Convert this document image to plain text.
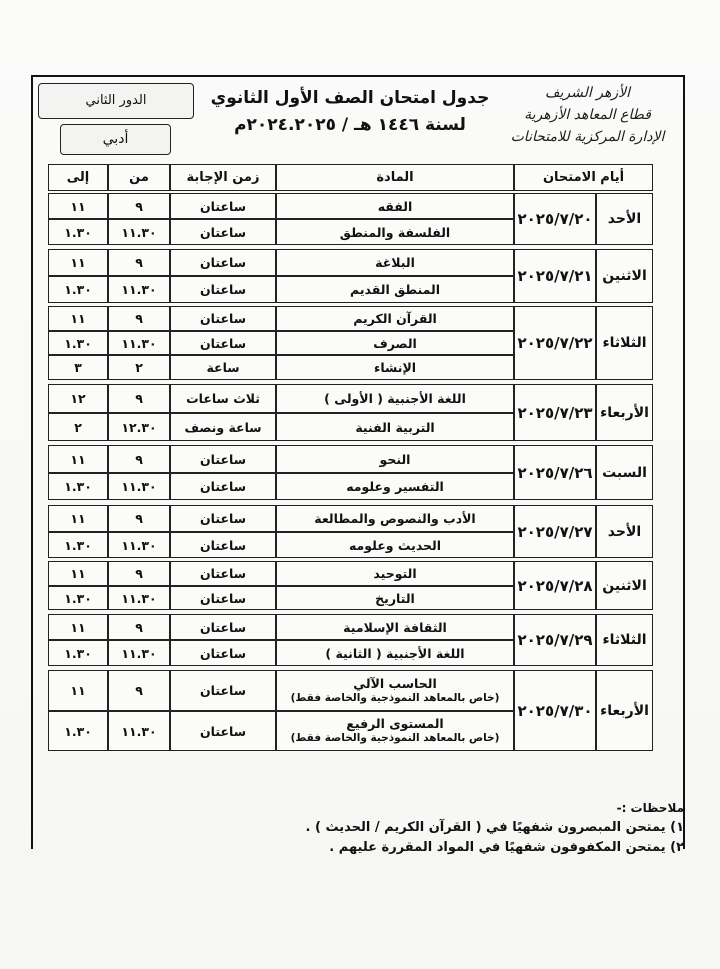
الأزهر الشريف
قطاع المعاهد الأزهرية
الإدارة المركزية للامتحانات
جدول امتحان الصف الأول الثانوي
لسنة ١٤٤٦ هـ / ٢٠٢٤.٢٠٢٥م
الدور الثاني
أدبي
ملاحظات :-
١) يمتحن المبصرون شفهيًا في ( القرآن الكريم / الحديث ) .
٢) يمتحن المكفوفون شفهيًا في المواد المقررة عليهم .
أيام الامتحان
المادة
زمن الإجابة
من
إلى
الأحد
٢٠٢٥/٧/٢٠
الفقه
ساعتان
٩
١١
الفلسفة والمنطق
ساعتان
١١.٣٠
١.٣٠
الاثنين
٢٠٢٥/٧/٢١
البلاغة
ساعتان
٩
١١
المنطق القديم
ساعتان
١١.٣٠
١.٣٠
الثلاثاء
٢٠٢٥/٧/٢٢
القرآن الكريم
ساعتان
٩
١١
الصرف
ساعتان
١١.٣٠
١.٣٠
الإنشاء
ساعة
٢
٣
الأربعاء
٢٠٢٥/٧/٢٣
اللغة الأجنبية ( الأولى )
ثلاث ساعات
٩
١٢
التربية الفنية
ساعة ونصف
١٢.٣٠
٢
السبت
٢٠٢٥/٧/٢٦
النحو
ساعتان
٩
١١
التفسير وعلومه
ساعتان
١١.٣٠
١.٣٠
الأحد
٢٠٢٥/٧/٢٧
الأدب والنصوص والمطالعة
ساعتان
٩
١١
الحديث وعلومه
ساعتان
١١.٣٠
١.٣٠
الاثنين
٢٠٢٥/٧/٢٨
التوحيد
ساعتان
٩
١١
التاريخ
ساعتان
١١.٣٠
١.٣٠
الثلاثاء
٢٠٢٥/٧/٢٩
الثقافة الإسلامية
ساعتان
٩
١١
اللغة الأجنبية ( الثانية )
ساعتان
١١.٣٠
١.٣٠
الأربعاء
٢٠٢٥/٧/٣٠
الحاسب الآلي
(خاص بالمعاهد النموذجية والخاصة فقط)
ساعتان
٩
١١
المستوى الرفيع
(خاص بالمعاهد النموذجية والخاصة فقط)
ساعتان
١١.٣٠
١.٣٠
